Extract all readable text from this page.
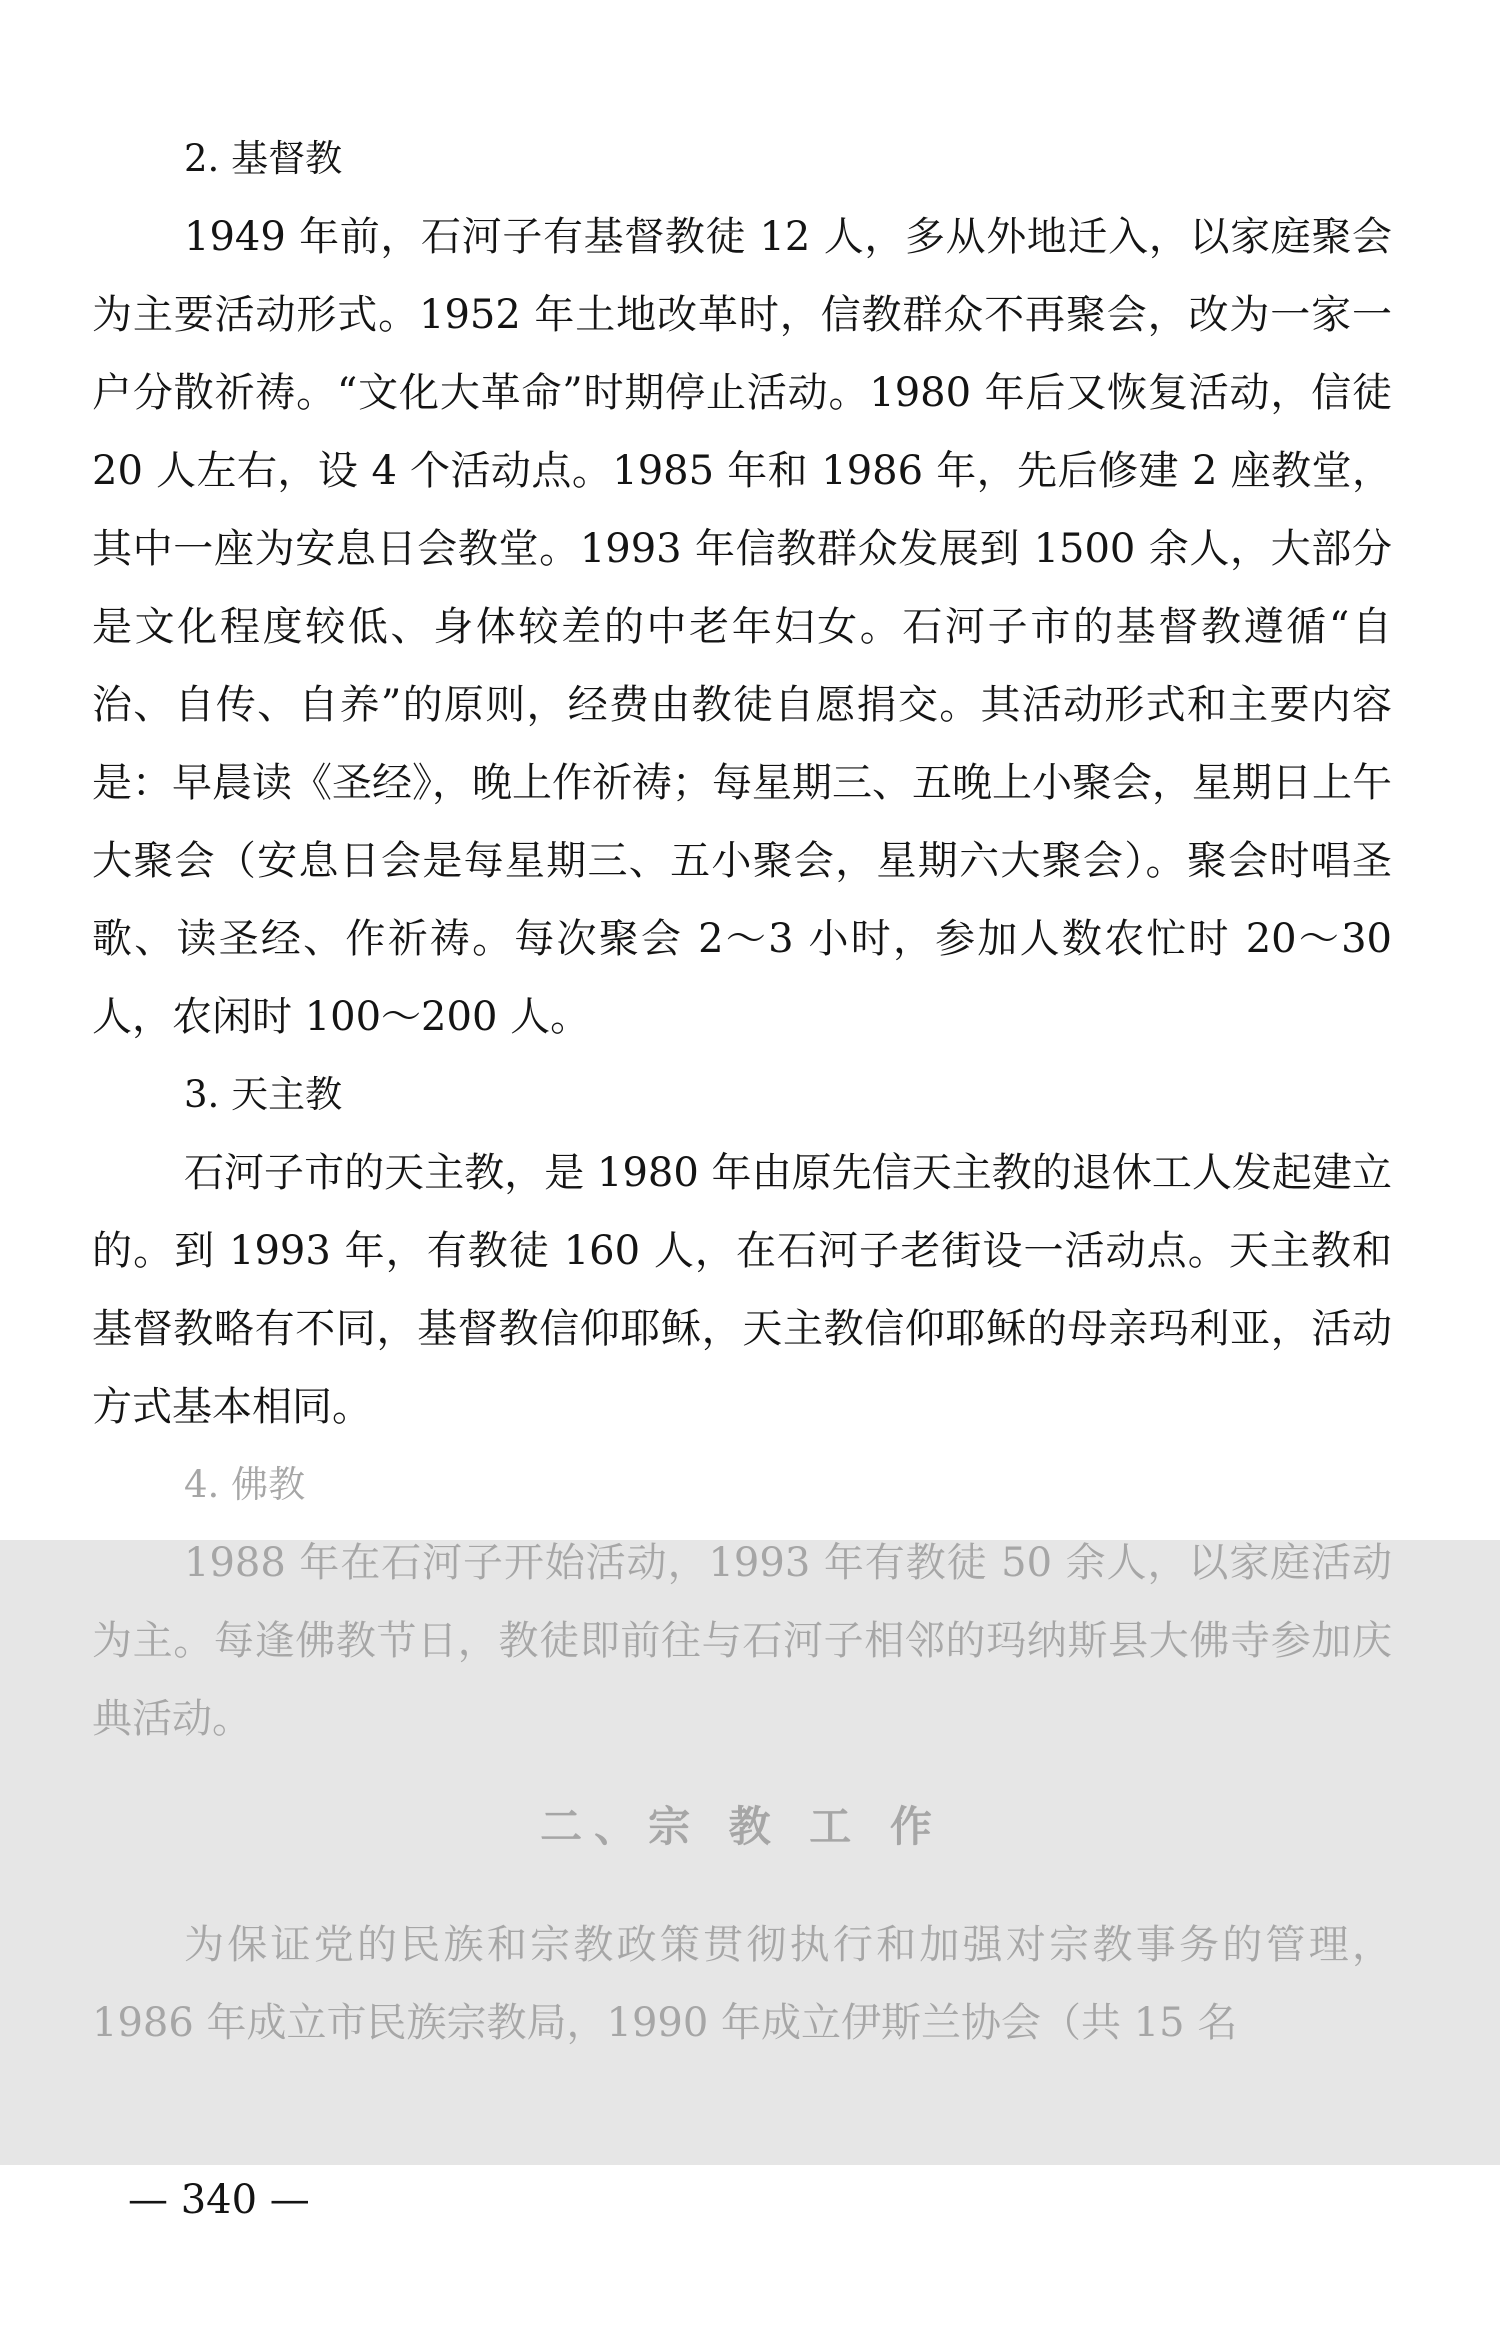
2. 基督教

1949 年前，石河子有基督教徒 12 人，多从外地迁入，以家庭聚会为主要活动形式。1952 年土地改革时，信教群众不再聚会，改为一家一户分散祈祷。“文化大革命”时期停止活动。1980 年后又恢复活动，信徒 20 人左右，设 4 个活动点。1985 年和 1986 年，先后修建 2 座教堂，其中一座为安息日会教堂。1993 年信教群众发展到 1500 余人，大部分是文化程度较低、身体较差的中老年妇女。石河子市的基督教遵循“自治、自传、自养”的原则，经费由教徒自愿捐交。其活动形式和主要内容是：早晨读《圣经》，晚上作祈祷；每星期三、五晚上小聚会，星期日上午大聚会（安息日会是每星期三、五小聚会，星期六大聚会）。聚会时唱圣歌、读圣经、作祈祷。每次聚会 2～3 小时，参加人数农忙时 20～30 人，农闲时 100～200 人。

3. 天主教

石河子市的天主教，是 1980 年由原先信天主教的退休工人发起建立的。到 1993 年，有教徒 160 人，在石河子老街设一活动点。天主教和基督教略有不同，基督教信仰耶稣，天主教信仰耶稣的母亲玛利亚，活动方式基本相同。

4. 佛教

1988 年在石河子开始活动，1993 年有教徒 50 余人，以家庭活动为主。每逢佛教节日，教徒即前往与石河子相邻的玛纳斯县大佛寺参加庆典活动。

二、宗 教 工 作

为保证党的民族和宗教政策贯彻执行和加强对宗教事务的管理，1986 年成立市民族宗教局，1990 年成立伊斯兰协会（共 15 名

— 340 —
